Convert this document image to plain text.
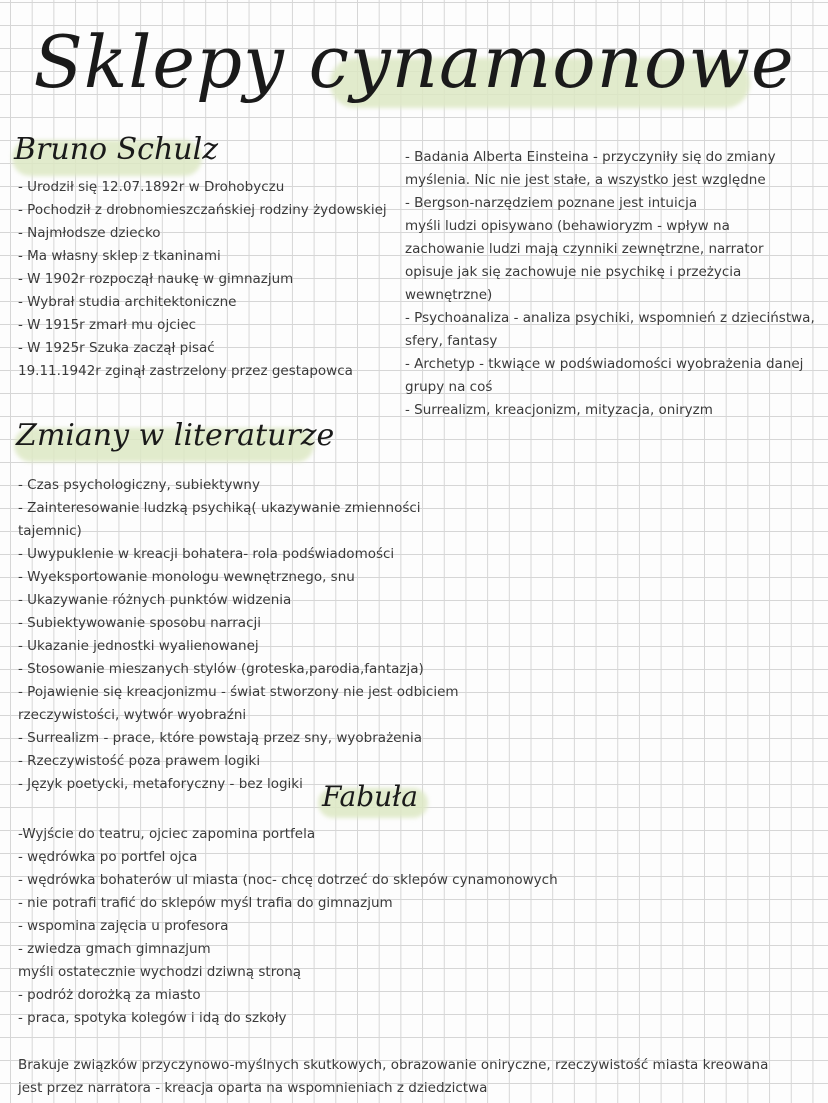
Sklepy cynamonowe
Bruno Schulz
Zmiany w literaturze
Fabuła
- Urodził się 12.07.1892r w Drohobyczu
- Pochodził z drobnomieszczańskiej rodziny żydowskiej
- Najmłodsze dziecko
- Ma własny sklep z tkaninami
- W 1902r rozpoczął naukę w gimnazjum
- Wybrał studia architektoniczne
- W 1915r zmarł mu ojciec
- W 1925r Szuka zaczął pisać
19.11.1942r zginął zastrzelony przez gestapowca
- Badania Alberta Einsteina - przyczyniły się do zmiany
myślenia. Nic nie jest stałe, a wszystko jest względne
- Bergson-narzędziem poznane jest intuicja
myśli ludzi opisywano (behawioryzm - wpływ na
zachowanie ludzi mają czynniki zewnętrzne, narrator
opisuje jak się zachowuje nie psychikę i przeżycia
wewnętrzne)
- Psychoanaliza - analiza psychiki, wspomnień z dzieciństwa,
sfery, fantasy
- Archetyp - tkwiące w podświadomości wyobrażenia danej
grupy na coś
- Surrealizm, kreacjonizm, mityzacja, oniryzm
- Czas psychologiczny, subiektywny
- Zainteresowanie ludzką psychiką( ukazywanie zmienności
tajemnic)
- Uwypuklenie w kreacji bohatera- rola podświadomości
- Wyeksportowanie monologu wewnętrznego, snu
- Ukazywanie różnych punktów widzenia
- Subiektywowanie sposobu narracji
- Ukazanie jednostki wyalienowanej
- Stosowanie mieszanych stylów (groteska,parodia,fantazja)
- Pojawienie się kreacjonizmu - świat stworzony nie jest odbiciem
rzeczywistości, wytwór wyobraźni
- Surrealizm - prace, które powstają przez sny, wyobrażenia
- Rzeczywistość poza prawem logiki
- Język poetycki, metaforyczny - bez logiki
-Wyjście do teatru, ojciec zapomina portfela
- wędrówka po portfel ojca
- wędrówka bohaterów ul miasta (noc- chcę dotrzeć do sklepów cynamonowych
- nie potrafi trafić do sklepów myśl trafia do gimnazjum
- wspomina zajęcia u profesora
- zwiedza gmach gimnazjum
myśli ostatecznie wychodzi dziwną stroną
- podróż dorożką za miasto
- praca, spotyka kolegów i idą do szkoły
Brakuje związków przyczynowo-myślnych skutkowych, obrazowanie oniryczne, rzeczywistość miasta kreowana
jest przez narratora - kreacja oparta na wspomnieniach z dziedzictwa
